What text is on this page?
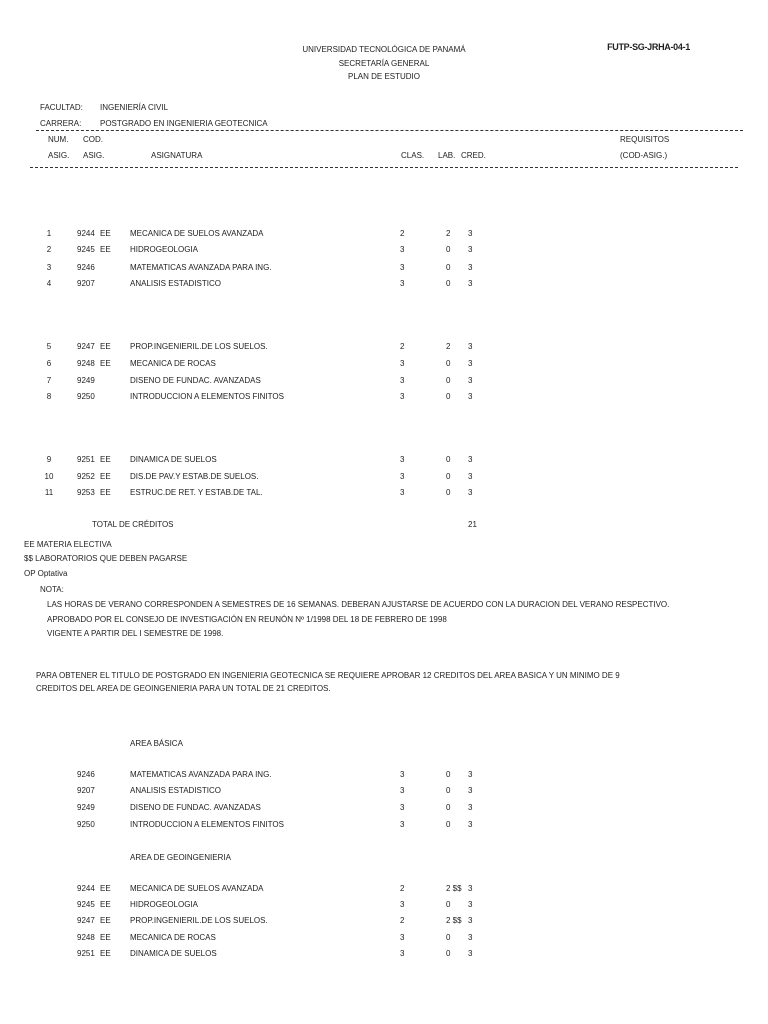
UNIVERSIDAD TECNOLÓGICA DE PANAMÁ
SECRETARÍA GENERAL
PLAN DE ESTUDIO
FUTP-SG-JRHA-04-1
FACULTAD: INGENIERÍA CIVIL
CARRERA: POSTGRADO EN INGENIERIA GEOTECNICA
NUM. COD.	REQUISITOS
ASIG. ASIG.	ASIGNATURA	CLAS. LAB. CRED.	(COD-ASIG.)
1	9244 EE MECANICA DE SUELOS AVANZADA	2	2 3
2	9245 EE HIDROGEOLOGIA	3	0 3
3	9246	MATEMATICAS AVANZADA PARA ING.	3	0 3
4	9207	ANALISIS ESTADISTICO	3	0 3
5	9247 EE PROP.INGENIERIL.DE LOS SUELOS.	2	2 3
6	9248 EE MECANICA DE ROCAS	3	0 3
7	9249	DISENO DE FUNDAC. AVANZADAS	3	0 3
8	9250	INTRODUCCION A ELEMENTOS FINITOS	3	0 3
9	9251 EE DINAMICA DE SUELOS	3	0 3
10	9252 EE DIS.DE PAV.Y ESTAB.DE SUELOS.	3	0 3
11	9253 EE ESTRUC.DE RET. Y ESTAB.DE TAL.	3	0 3
TOTAL DE CRÉDITOS	21
EE MATERIA ELECTIVA
$$ LABORATORIOS QUE DEBEN PAGARSE
OP Optativa
NOTA:
LAS HORAS DE VERANO CORRESPONDEN A SEMESTRES DE 16 SEMANAS. DEBERAN AJUSTARSE DE ACUERDO CON LA DURACION DEL VERANO RESPECTIVO.
APROBADO POR EL CONSEJO DE INVESTIGACIÓN EN REUNÓN Nº 1/1998 DEL 18 DE FEBRERO DE 1998
VIGENTE A PARTIR DEL I SEMESTRE DE 1998.
PARA OBTENER EL TITULO DE POSTGRADO EN INGENIERIA GEOTECNICA SE REQUIERE APROBAR 12 CREDITOS DEL AREA BASICA Y UN MINIMO DE 9
CREDITOS DEL AREA DE GEOINGENIERIA PARA UN TOTAL DE 21 CREDITOS.
AREA BÁSICA
9246	MATEMATICAS AVANZADA PARA ING.	3	0 3
9207	ANALISIS ESTADISTICO	3	0 3
9249	DISENO DE FUNDAC. AVANZADAS	3	0 3
9250	INTRODUCCION A ELEMENTOS FINITOS	3	0 3
AREA DE GEOINGENIERIA
9244 EE MECANICA DE SUELOS AVANZADA	2	2 $$ 3
9245 EE HIDROGEOLOGIA	3	0 3
9247 EE PROP.INGENIERIL.DE LOS SUELOS.	2	2 $$ 3
9248 EE MECANICA DE ROCAS	3	0 3
9251 EE DINAMICA DE SUELOS	3	0 3
